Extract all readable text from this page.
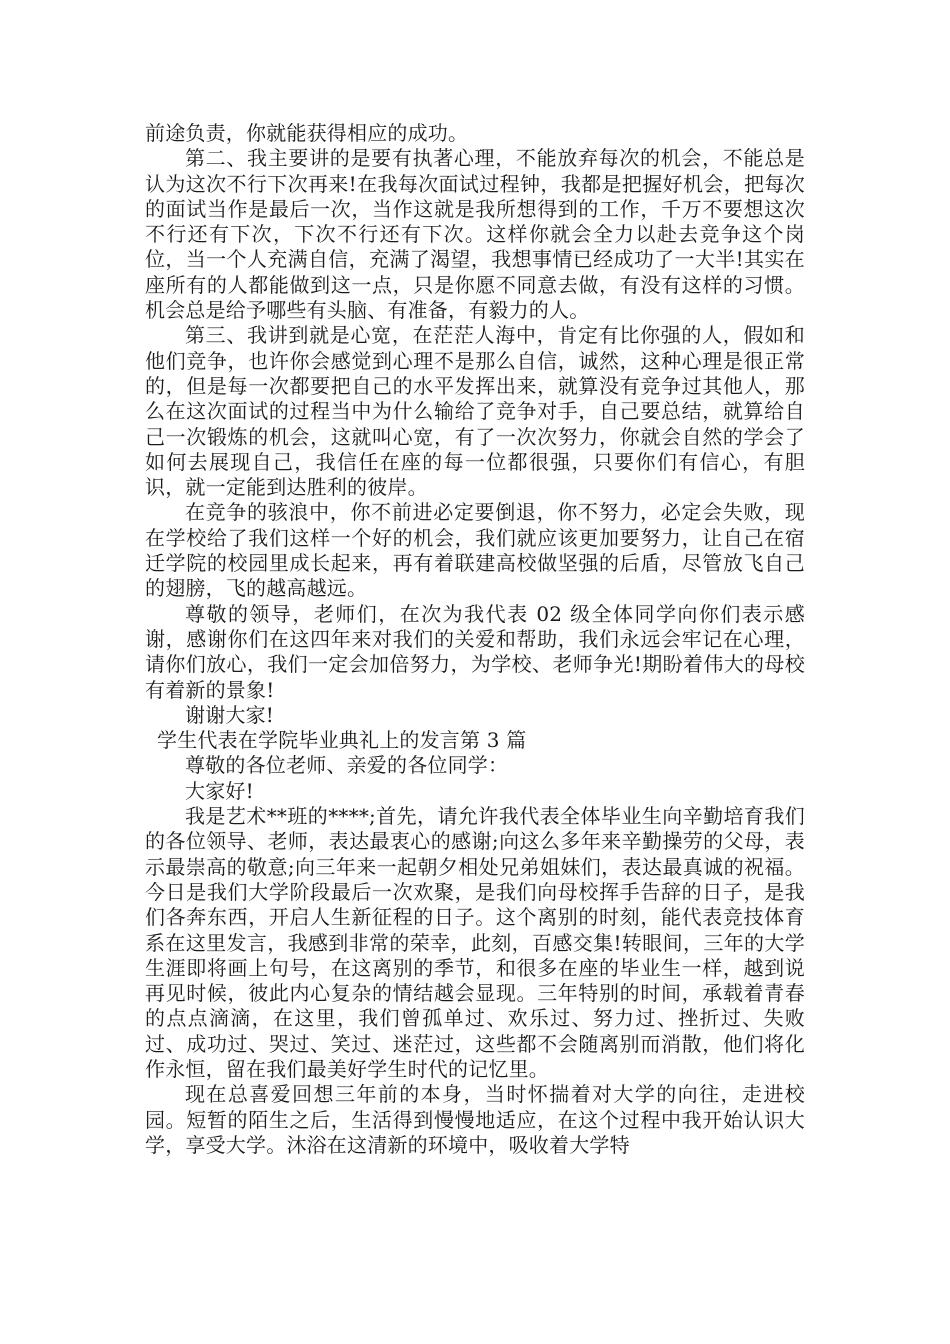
前途负责，你就能获得相应的成功。

第二、我主要讲的是要有执著心理，不能放弃每次的机会，不能总是认为这次不行下次再来!在我每次面试过程钟，我都是把握好机会，把每次的面试当作是最后一次，当作这就是我所想得到的工作，千万不要想这次不行还有下次，下次不行还有下次。这样你就会全力以赴去竞争这个岗位，当一个人充满自信，充满了渴望，我想事情已经成功了一大半!其实在座所有的人都能做到这一点，只是你愿不同意去做，有没有这样的习惯。机会总是给予哪些有头脑、有准备，有毅力的人。

第三、我讲到就是心宽，在茫茫人海中，肯定有比你强的人，假如和他们竞争，也许你会感觉到心理不是那么自信，诚然，这种心理是很正常的，但是每一次都要把自己的水平发挥出来，就算没有竞争过其他人，那么在这次面试的过程当中为什么输给了竞争对手，自己要总结，就算给自己一次锻炼的机会，这就叫心宽，有了一次次努力，你就会自然的学会了如何去展现自己，我信任在座的每一位都很强，只要你们有信心，有胆识，就一定能到达胜利的彼岸。

在竞争的骇浪中，你不前进必定要倒退，你不努力，必定会失败，现在学校给了我们这样一个好的机会，我们就应该更加要努力，让自己在宿迁学院的校园里成长起来，再有着联建高校做坚强的后盾，尽管放飞自己的翅膀，飞的越高越远。

尊敬的领导，老师们，在次为我代表 02 级全体同学向你们表示感谢，感谢你们在这四年来对我们的关爱和帮助，我们永远会牢记在心理，请你们放心，我们一定会加倍努力，为学校、老师争光!期盼着伟大的母校有着新的景象!

谢谢大家!

学生代表在学院毕业典礼上的发言第 3 篇

尊敬的各位老师、亲爱的各位同学：

大家好!

我是艺术**班的****;首先，请允许我代表全体毕业生向辛勤培育我们的各位领导、老师，表达最衷心的感谢;向这么多年来辛勤操劳的父母，表示最崇高的敬意;向三年来一起朝夕相处兄弟姐妹们，表达最真诚的祝福。今日是我们大学阶段最后一次欢聚，是我们向母校挥手告辞的日子，是我们各奔东西，开启人生新征程的日子。这个离别的时刻，能代表竞技体育系在这里发言，我感到非常的荣幸，此刻，百感交集!转眼间，三年的大学生涯即将画上句号，在这离别的季节，和很多在座的毕业生一样，越到说再见时候，彼此内心复杂的情结越会显现。三年特别的时间，承载着青春的点点滴滴，在这里，我们曾孤单过、欢乐过、努力过、挫折过、失败过、成功过、哭过、笑过、迷茫过，这些都不会随离别而消散，他们将化作永恒，留在我们最美好学生时代的记忆里。

现在总喜爱回想三年前的本身，当时怀揣着对大学的向往，走进校园。短暂的陌生之后，生活得到慢慢地适应，在这个过程中我开始认识大学，享受大学。沐浴在这清新的环境中，吸收着大学特
